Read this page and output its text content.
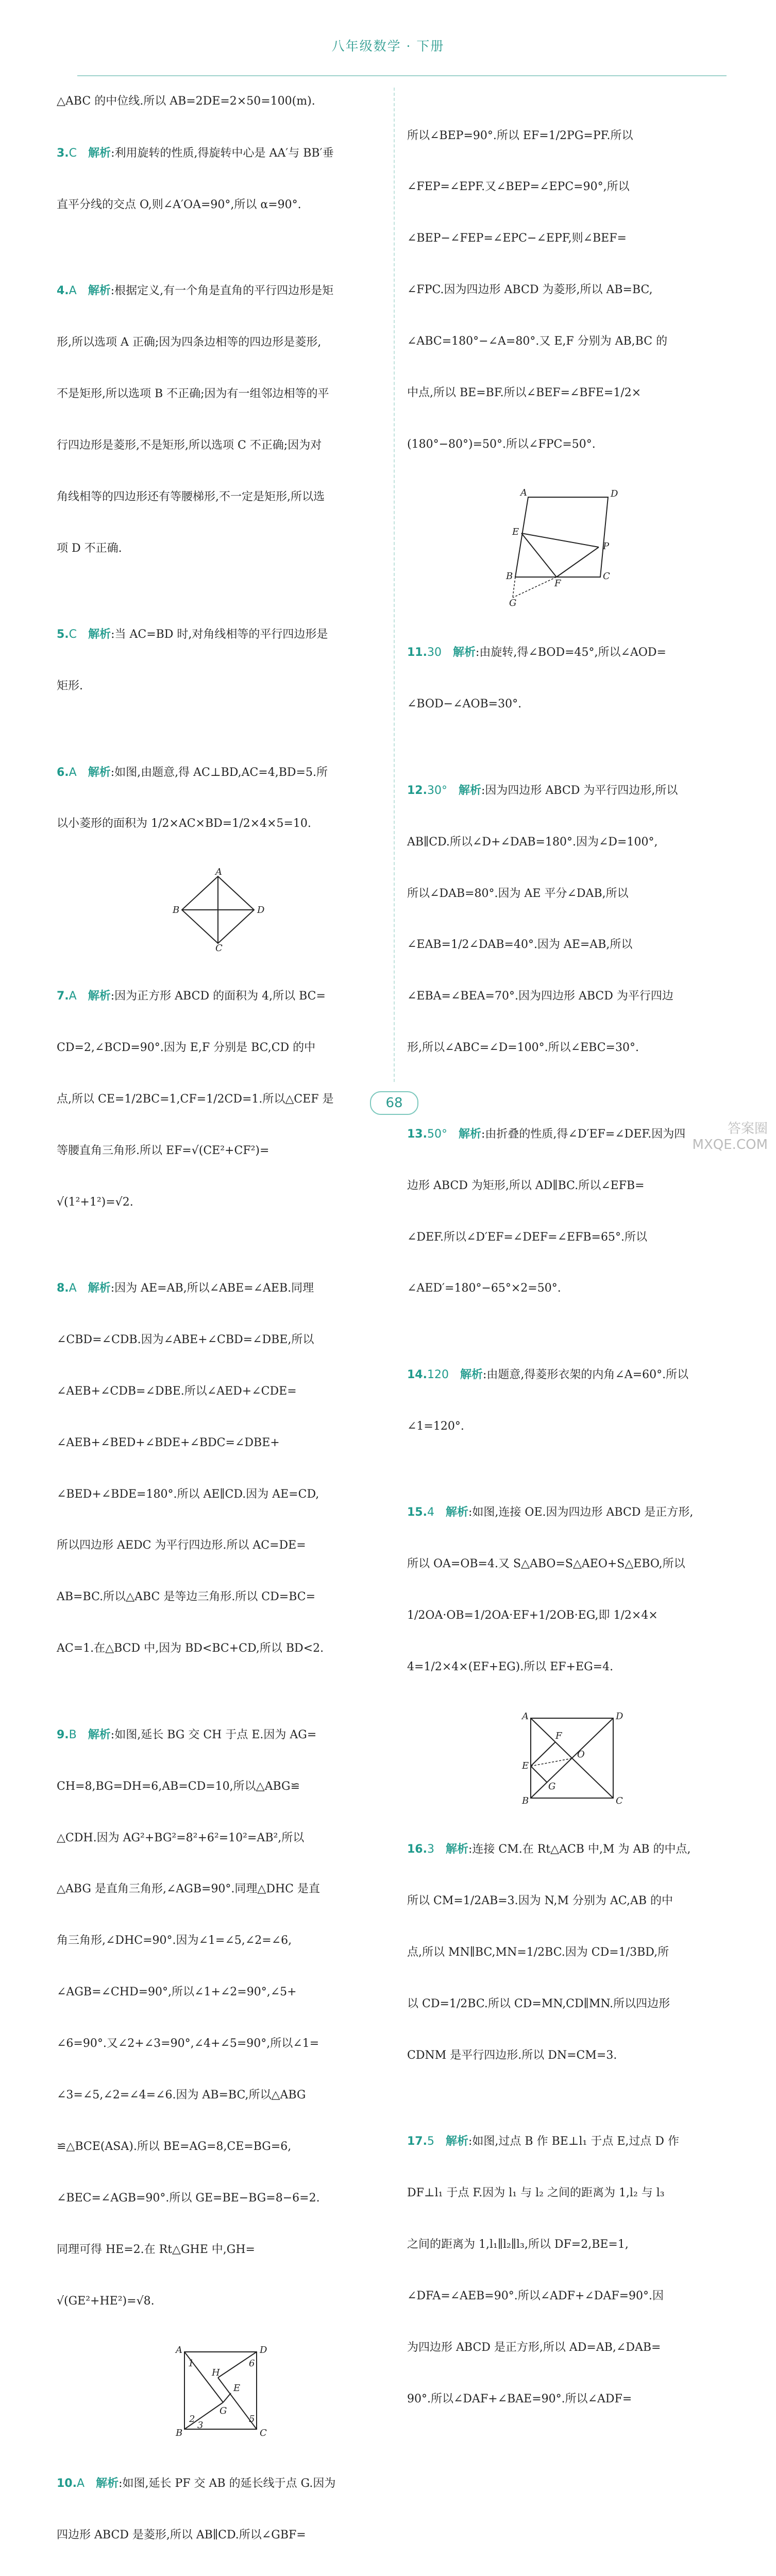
八年级数学 · 下册
△ABC 的中位线.所以 AB=2DE=2×50=100(m).

3.C　 解析:利用旋转的性质,得旋转中心是 AA′与 BB′垂

直平分线的交点 O,则∠A′OA=90°,所以 α=90°.

4.A　 解析:根据定义,有一个角是直角的平行四边形是矩

形,所以选项 A 正确;因为四条边相等的四边形是菱形,

不是矩形,所以选项 B 不正确;因为有一组邻边相等的平

行四边形是菱形,不是矩形,所以选项 C 不正确;因为对

角线相等的四边形还有等腰梯形,不一定是矩形,所以选

项 D 不正确.

5.C　 解析:当 AC=BD 时,对角线相等的平行四边形是

矩形.

6.A　 解析:如图,由题意,得 AC⊥BD,AC=4,BD=5.所

以小菱形的面积为 1/2×AC×BD=1/2×4×5=10.

A
B
C
D

7.A　 解析:因为正方形 ABCD 的面积为 4,所以 BC=

CD=2,∠BCD=90°.因为 E,F 分别是 BC,CD 的中

点,所以 CE=1/2BC=1,CF=1/2CD=1.所以△CEF 是

等腰直角三角形.所以 EF=√(CE²+CF²)=

√(1²+1²)=√2.

8.A　 解析:因为 AE=AB,所以∠ABE=∠AEB.同理

∠CBD=∠CDB.因为∠ABE+∠CBD=∠DBE,所以

∠AEB+∠CDB=∠DBE.所以∠AED+∠CDE=

∠AEB+∠BED+∠BDE+∠BDC=∠DBE+

∠BED+∠BDE=180°.所以 AE∥CD.因为 AE=CD,

所以四边形 AEDC 为平行四边形.所以 AC=DE=

AB=BC.所以△ABC 是等边三角形.所以 CD=BC=

AC=1.在△BCD 中,因为 BD<BC+CD,所以 BD<2.

9.B　 解析:如图,延长 BG 交 CH 于点 E.因为 AG=

CH=8,BG=DH=6,AB=CD=10,所以△ABG≌

△CDH.因为 AG²+BG²=8²+6²=10²=AB²,所以

△ABG 是直角三角形,∠AGB=90°.同理△DHC 是直

角三角形,∠DHC=90°.因为∠1=∠5,∠2=∠6,

∠AGB=∠CHD=90°,所以∠1+∠2=90°,∠5+

∠6=90°.又∠2+∠3=90°,∠4+∠5=90°,所以∠1=

∠3=∠5,∠2=∠4=∠6.因为 AB=BC,所以△ABG

≌△BCE(ASA).所以 BE=AG=8,CE=BG=6,

∠BEC=∠AGB=90°.所以 GE=BE−BG=8−6=2.

同理可得 HE=2.在 Rt△GHE 中,GH=

√(GE²+HE²)=√8.

A	D
B	C
H
E
G
1
2
3
5
6

10.A　 解析:如图,延长 PF 交 AB 的延长线于点 G.因为

四边形 ABCD 是菱形,所以 AB∥CD.所以∠GBF=

所以∠BEP=90°.所以 EF=1/2PG=PF.所以

∠FEP=∠EPF.又∠BEP=∠EPC=90°,所以

∠BEP−∠FEP=∠EPC−∠EPF,则∠BEF=

∠FPC.因为四边形 ABCD 为菱形,所以 AB=BC,

∠ABC=180°−∠A=80°.又 E,F 分别为 AB,BC 的

中点,所以 BE=BF.所以∠BEF=∠BFE=1/2×

(180°−80°)=50°.所以∠FPC=50°.

A	D
E
P
B
F
C
G

11.30　 解析:由旋转,得∠BOD=45°,所以∠AOD=

∠BOD−∠AOB=30°.

12.30°　 解析:因为四边形 ABCD 为平行四边形,所以

AB∥CD.所以∠D+∠DAB=180°.因为∠D=100°,

所以∠DAB=80°.因为 AE 平分∠DAB,所以

∠EAB=1/2∠DAB=40°.因为 AE=AB,所以

∠EBA=∠BEA=70°.因为四边形 ABCD 为平行四边

形,所以∠ABC=∠D=100°.所以∠EBC=30°.

13.50°　 解析:由折叠的性质,得∠D′EF=∠DEF.因为四

边形 ABCD 为矩形,所以 AD∥BC.所以∠EFB=

∠DEF.所以∠D′EF=∠DEF=∠EFB=65°.所以

∠AED′=180°−65°×2=50°.

14.120　 解析:由题意,得菱形衣架的内角∠A=60°.所以

∠1=120°.

15.4　 解析:如图,连接 OE.因为四边形 ABCD 是正方形,

所以 OA=OB=4.又 S△ABO=S△AEO+S△EBO,所以

1/2OA·OB=1/2OA·EF+1/2OB·EG,即 1/2×4×

4=1/2×4×(EF+EG).所以 EF+EG=4.

A	D
F
O
E
G
B	C

16.3　 解析:连接 CM.在 Rt△ACB 中,M 为 AB 的中点,

所以 CM=1/2AB=3.因为 N,M 分别为 AC,AB 的中

点,所以 MN∥BC,MN=1/2BC.因为 CD=1/3BD,所

以 CD=1/2BC.所以 CD=MN,CD∥MN.所以四边形

CDNM 是平行四边形.所以 DN=CM=3.

17.5　 解析:如图,过点 B 作 BE⊥l₁ 于点 E,过点 D 作

DF⊥l₁ 于点 F.因为 l₁ 与 l₂ 之间的距离为 1,l₂ 与 l₃

之间的距离为 1,l₁∥l₂∥l₃,所以 DF=2,BE=1,

∠DFA=∠AEB=90°.所以∠ADF+∠DAF=90°.因

为四边形 ABCD 是正方形,所以 AD=AB,∠DAB=

90°.所以∠DAF+∠BAE=90°.所以∠ADF=

68
答案圈 MXQE.COM
